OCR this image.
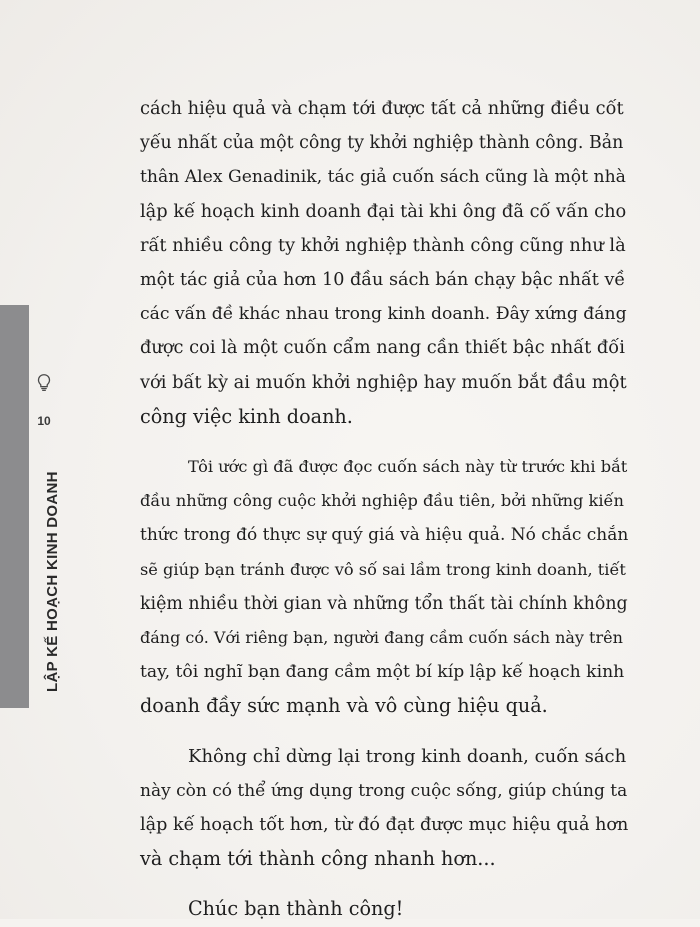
10
LẬP KẾ HOẠCH KINH DOANH

cách hiệu quả và chạm tới được tất cả những điều cốt
yếu nhất của một công ty khởi nghiệp thành công. Bản
thân Alex Genadinik, tác giả cuốn sách cũng là một nhà
lập kế hoạch kinh doanh đại tài khi ông đã cố vấn cho
rất nhiều công ty khởi nghiệp thành công cũng như là
một tác giả của hơn 10 đầu sách bán chạy bậc nhất về
các vấn đề khác nhau trong kinh doanh. Đây xứng đáng
được coi là một cuốn cẩm nang cần thiết bậc nhất đối
với bất kỳ ai muốn khởi nghiệp hay muốn bắt đầu một
công việc kinh doanh.

Tôi ước gì đã được đọc cuốn sách này từ trước khi bắt
đầu những công cuộc khởi nghiệp đầu tiên, bởi những kiến
thức trong đó thực sự quý giá và hiệu quả. Nó chắc chắn
sẽ giúp bạn tránh được vô số sai lầm trong kinh doanh, tiết
kiệm nhiều thời gian và những tổn thất tài chính không
đáng có. Với riêng bạn, người đang cầm cuốn sách này trên
tay, tôi nghĩ bạn đang cầm một bí kíp lập kế hoạch kinh
doanh đầy sức mạnh và vô cùng hiệu quả.

Không chỉ dừng lại trong kinh doanh, cuốn sách
này còn có thể ứng dụng trong cuộc sống, giúp chúng ta
lập kế hoạch tốt hơn, từ đó đạt được mục hiệu quả hơn
và chạm tới thành công nhanh hơn...

Chúc bạn thành công!
